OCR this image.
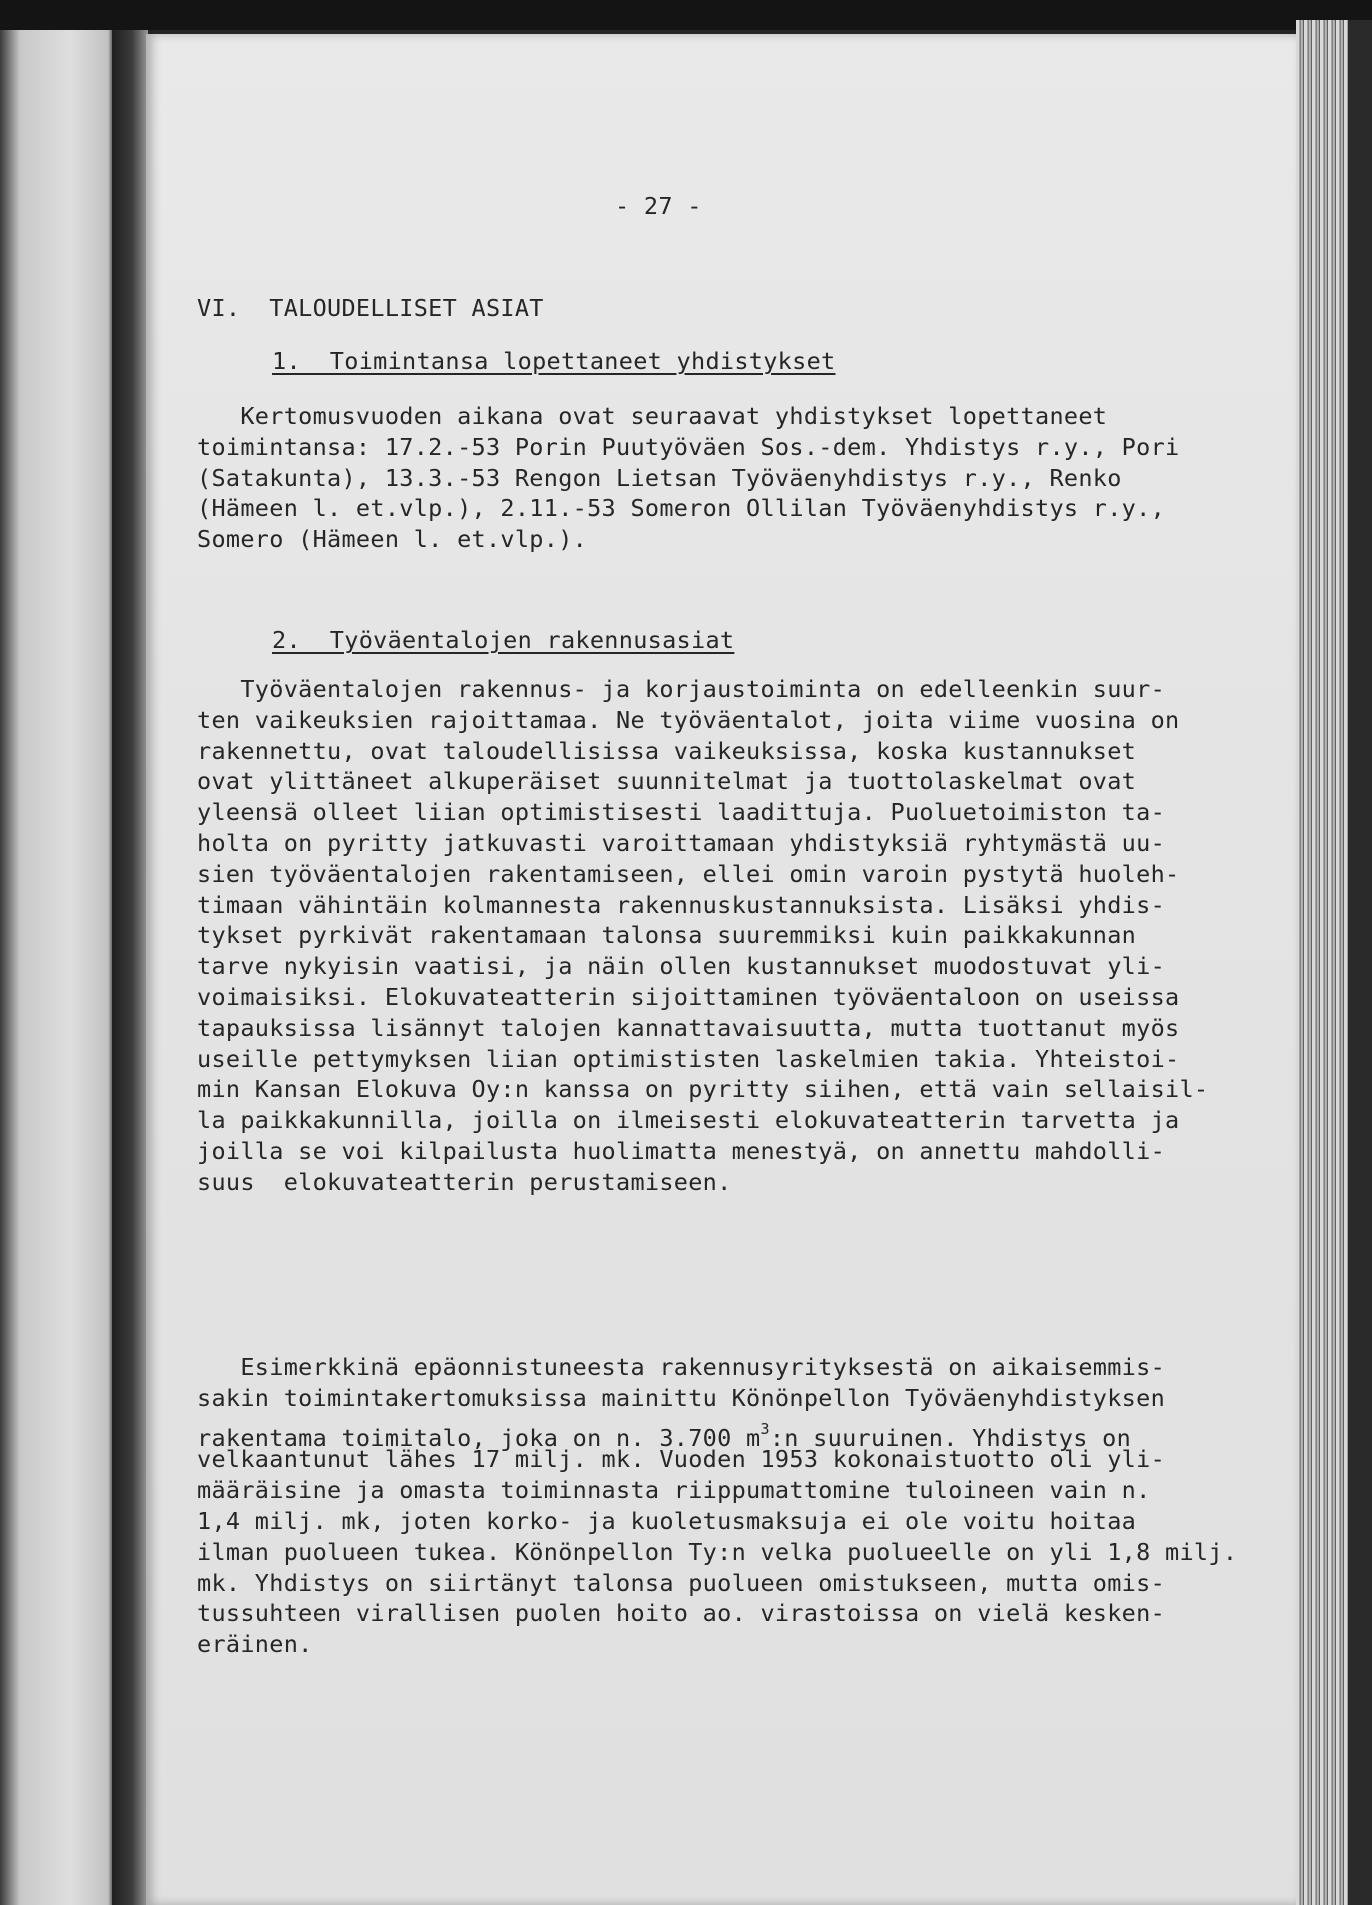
- 27 -
VI.  TALOUDELLISET ASIAT
1.  Toimintansa lopettaneet yhdistykset
Kertomusvuoden aikana ovat seuraavat yhdistykset lopettaneet
toimintansa: 17.2.-53 Porin Puutyöväen Sos.-dem. Yhdistys r.y., Pori
(Satakunta), 13.3.-53 Rengon Lietsan Työväenyhdistys r.y., Renko
(Hämeen l. et.vlp.), 2.11.-53 Someron Ollilan Työväenyhdistys r.y.,
Somero (Hämeen l. et.vlp.).
2.  Työväentalojen rakennusasiat
Työväentalojen rakennus- ja korjaustoiminta on edelleenkin suur-
ten vaikeuksien rajoittamaa. Ne työväentalot, joita viime vuosina on
rakennettu, ovat taloudellisissa vaikeuksissa, koska kustannukset
ovat ylittäneet alkuperäiset suunnitelmat ja tuottolaskelmat ovat
yleensä olleet liian optimistisesti laadittuja. Puoluetoimiston ta-
holta on pyritty jatkuvasti varoittamaan yhdistyksiä ryhtymästä uu-
sien työväentalojen rakentamiseen, ellei omin varoin pystytä huoleh-
timaan vähintäin kolmannesta rakennuskustannuksista. Lisäksi yhdis-
tykset pyrkivät rakentamaan talonsa suuremmiksi kuin paikkakunnan
tarve nykyisin vaatisi, ja näin ollen kustannukset muodostuvat yli-
voimaisiksi. Elokuvateatterin sijoittaminen työväentaloon on useissa
tapauksissa lisännyt talojen kannattavaisuutta, mutta tuottanut myös
useille pettymyksen liian optimististen laskelmien takia. Yhteistoi-
min Kansan Elokuva Oy:n kanssa on pyritty siihen, että vain sellaisil-
la paikkakunnilla, joilla on ilmeisesti elokuvateatterin tarvetta ja
joilla se voi kilpailusta huolimatta menestyä, on annettu mahdolli-
suus  elokuvateatterin perustamiseen.
Esimerkkinä epäonnistuneesta rakennusyrityksestä on aikaisemmis-
sakin toimintakertomuksissa mainittu Könönpellon Työväenyhdistyksen
rakentama toimitalo, joka on n. 3.700 $m^3:n$ suuruinen. Yhdistys on
velkaantunut lähes 17 milj. mk. Vuoden 1953 kokonaistuotto oli yli-
määräisine ja omasta toiminnasta riippumattomine tuloineen vain n.
1,4 milj. mk, joten korko- ja kuoletusmaksuja ei ole voitu hoitaa
ilman puolueen tukea. Könönpellon Ty:n velka puolueelle on yli 1,8 milj.
mk. Yhdistys on siirtänyt talonsa puolueen omistukseen, mutta omis-
tussuhteen virallisen puolen hoito ao. virastoissa on vielä kesken-
eräinen.
